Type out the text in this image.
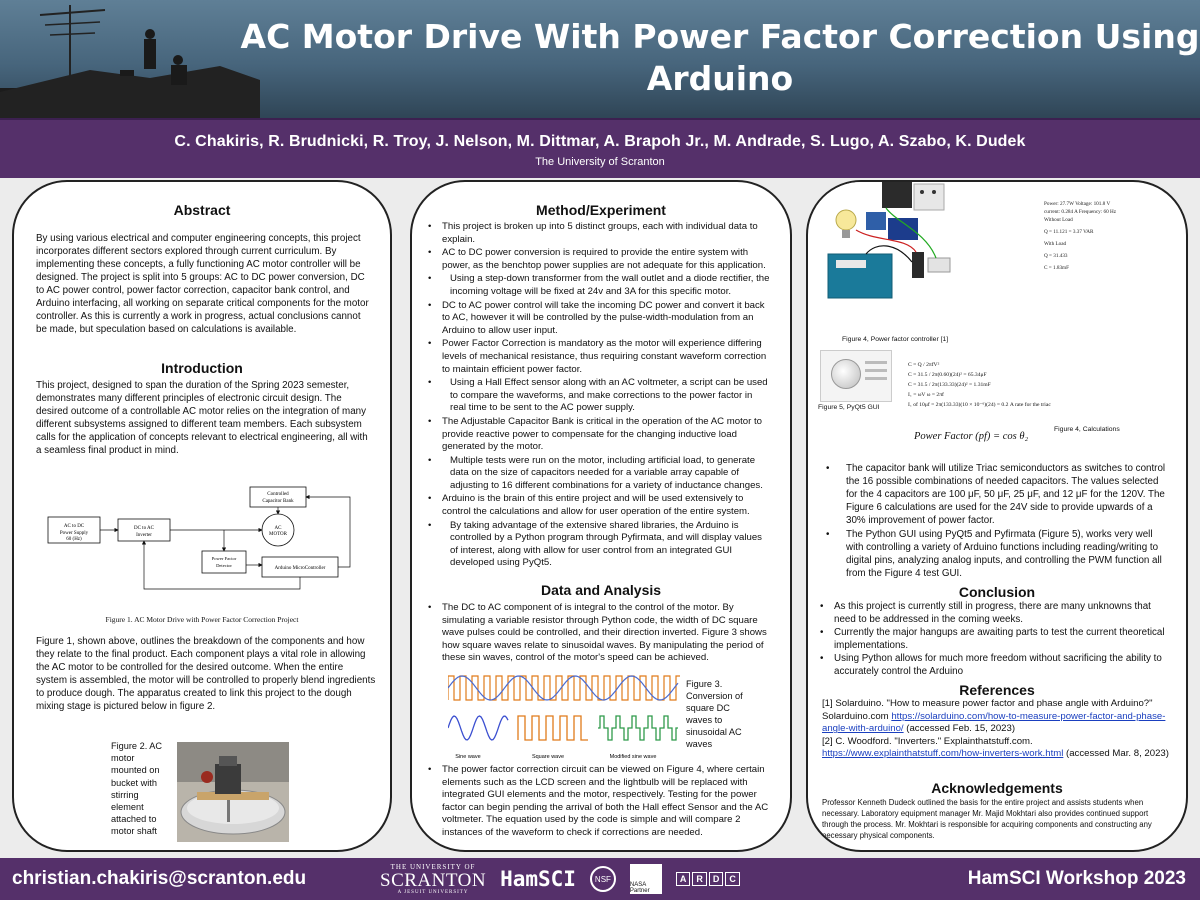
AC Motor Drive With Power Factor Correction Using Arduino
C. Chakiris, R. Brudnicki, R. Troy, J. Nelson, M. Dittmar, A. Brapoh Jr., M. Andrade, S. Lugo, A. Szabo, K. Dudek
The University of Scranton
Abstract

By using various electrical and computer engineering concepts, this project incorporates different sectors explored through current curriculum. By implementing these concepts, a fully functioning AC motor controller will be designed. The project is split into 5 groups: AC to DC power conversion, DC to AC power control, power factor correction, capacitor bank control, and Arduino interfacing, all working on separate critical components for the motor controller. As this is currently a work in progress, actual conclusions cannot be made, but speculation based on calculations is available.

Introduction

This project, designed to span the duration of the Spring 2023 semester, demonstrates many different principles of electronic circuit design. The desired outcome of a controllable AC motor relies on the integration of many different subsystems assigned to different team members. Each subsystem calls for the application of concepts relevant to electrical engineering, all with a seamless final product in mind.

AC to DC
Power Supply
60 (Hz)
DC to AC
Inverter
Controlled
Capacitor Bank
AC
MOTOR
Power Factor
Detector
Arduino MicroController
Figure 1. AC Motor Drive with Power Factor Correction Project

Figure 1, shown above, outlines the breakdown of the components and how they relate to the final product. Each component plays a vital role in allowing the AC motor to be controlled for the desired outcome. When the entire system is assembled, the motor will be controlled to properly blend ingredients to produce dough. The apparatus created to link this project to the dough mixing stage is pictured below in figure 2.

Figure 2. AC motor mounted on bucket with stirring element attached to motor shaft
Method/Experiment
• This project is broken up into 5 distinct groups, each with individual data to explain.
• AC to DC power conversion is required to provide the entire system with power, as the benchtop power supplies are not adequate for this application.
• Using a step-down transformer from the wall outlet and a diode rectifier, the incoming voltage will be fixed at 24v and 3A for this specific motor.
• DC to AC power control will take the incoming DC power and convert it back to AC, however it will be controlled by the pulse-width-modulation from an Arduino to allow user input.
• Power Factor Correction is mandatory as the motor will experience differing levels of mechanical resistance, thus requiring constant waveform correction to maintain efficient power factor.
• Using a Hall Effect sensor along with an AC voltmeter, a script can be used to compare the waveforms, and make corrections to the power factor in real time to be sent to the AC power supply.
• The Adjustable Capacitor Bank is critical in the operation of the AC motor to provide reactive power to compensate for the changing inductive load generated by the motor.
• Multiple tests were run on the motor, including artificial load, to generate data on the size of capacitors needed for a variable array capable of adjusting to 16 different combinations for a variety of inductance changes.
• Arduino is the brain of this entire project and will be used extensively to control the calculations and allow for user operation of the entire system.
• By taking advantage of the extensive shared libraries, the Arduino is controlled by a Python program through Pyfirmata, and will display values of interest, along with allow for user control from an integrated GUI developed using PyQt5.
Data and Analysis
• The DC to AC component of is integral to the control of the motor. By simulating a variable resistor through Python code, the width of DC square wave pulses could be controlled, and their direction inverted. Figure 3 shows how square waves relate to sinusoidal waves. By manipulating the period of these sin waves, control of the motor's speed can be achieved.
Sine wave	Square wave	Modified sine wave
Figure 3. Conversion of square DC waves to sinusoidal AC waves
• The power factor correction circuit can be viewed on Figure 4, where certain elements such as the LCD screen and the lightbulb will be replaced with integrated GUI elements and the motor, respectively. Testing for the power factor can begin pending the arrival of both the Hall effect Sensor and the AC voltmeter. The equation used by the code is simple and will compare 2 instances of the waveform to check if corrections are needed.
Figure 4, Power factor controller [1]
Power: 27.7W Voltage: 101.8 V
current: 0.284 A Frequency: 60 Hz
Without Load
Q = 11.121 = 3.37 VAR
With Load
Q = 31.433
C = 1.83mF
Figure 5, PyQt5 GUI
C = Q / 2πfV²
C = 31.5 / 2π(0.60)(24)² = 65.34μF
C = 31.5 / 2π(133.33)(24)² = 1.31mF
I꜀ = ωV ω = 2πf
I꜀ of 10μf = 2π(133.33)(10 × 10⁻⁶)(24) = 0.2 A rate for the triac
Power Factor (pf) = cos θ₂
Figure 4, Calculations
• The capacitor bank will utilize Triac semiconductors as switches to control the 16 possible combinations of needed capacitors. The values selected for the 4 capacitors are 100 μF, 50 μF, 25 μF, and 12 μF for the 120V. The Figure 6 calculations are used for the 24V side to provide upwards of a 30% improvement of power factor.
• The Python GUI using PyQt5 and Pyfirmata (Figure 5), works very well with controlling a variety of Arduino functions including reading/writing to digital pins, analyzing analog inputs, and controlling the PWM function all from the Figure 4 test GUI.
Conclusion
• As this project is currently still in progress, there are many unknowns that need to be addressed in the coming weeks.
• Currently the major hangups are awaiting parts to test the current theoretical implementations.
• Using Python allows for much more freedom without sacrificing the ability to accurately control the Arduino
References
[1] Solarduino. "How to measure power factor and phase angle with Arduino?" Solarduino.com https://solarduino.com/how-to-measure-power-factor-and-phase-angle-with-arduino/ (accessed Feb. 15, 2023)
[2] C. Woodford. "Inverters." Explainthatstuff.com. https://www.explainthatstuff.com/how-inverters-work.html (accessed Mar. 8, 2023)
Acknowledgements

Professor Kenneth Dudeck outlined the basis for the entire project and assists students when necessary. Laboratory equipment manager Mr. Majid Mokhtari also provides continued support through the process. Mr. Mokhtari is responsible for acquiring components and constructing any necessary physical components.

christian.chakiris@scranton.edu
THE UNIVERSITY OF
SCRANTON
A JESUIT UNIVERSITY
HamSCI	NSF
NASA Partner
A	R	D	C	HamSCI Workshop 2023
